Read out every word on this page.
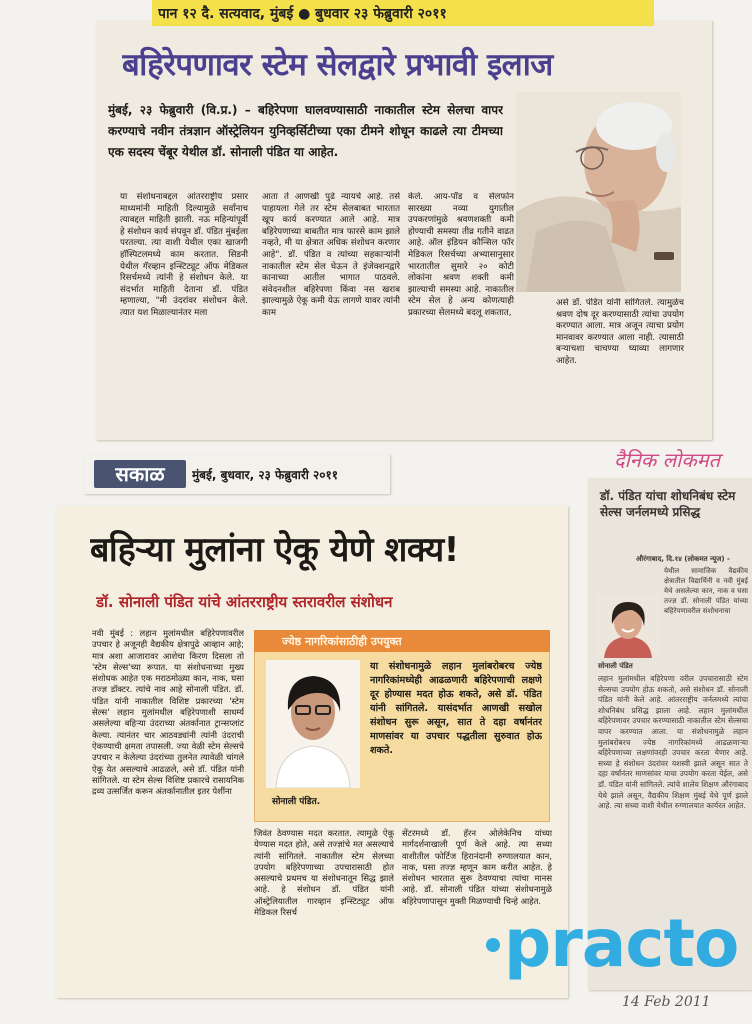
पान १२ दै. सत्यवाद, मुंबई ● बुधवार २३ फेब्रुवारी २०११
बहिरेपणावर स्टेम सेलद्वारे प्रभावी इलाज
मुंबई, २३ फेब्रुवारी (वि.प्र.) – बहिरेपणा घालवण्यासाठी नाकातील स्टेम सेलचा वापर करण्याचे नवीन तंत्रज्ञान ऑस्ट्रेलियन युनिव्हर्सिटीच्या एका टीमने शोधून काढले त्या टीमच्या एक सदस्य चेंबूर येथील डॉ. सोनाली पंडित या आहेत.
या संशोधनाबद्दल आंतरराष्ट्रीय प्रसार माध्यमांनी माहिती दिल्यामुळे सर्वांनाच त्याबद्दल माहिती झाली. नऊ महिन्यांपूर्वी हे संशोधन कार्य संपवून डॉ. पंडित मुंबईला परतल्या. त्या वाशी येथील एका खाजगी हॉस्पिटलमध्ये काम करतात. सिडनी येथील गॅरव्हान इन्स्टिट्यूट ऑफ मेडिकल रिसर्चमध्ये त्यांनी हे संशोधन केले. या संदर्भात माहिती देताना डॉ. पंडित म्हणाल्या, "मी उंदरांवर संशोधन केले. त्यात यश मिळाल्यानंतर मला
आता ते आणखी पुढे न्यायचे आहे. तसे पाहायला गेले तर स्टेम सेलबाबत भारतात खूप कार्य करण्यात आले आहे. मात्र बहिरेपणाच्या बाबतीत मात्र फारसे काम झाले नव्हते, मी या क्षेत्रात अधिक संशोधन करणार आहे". डॉ. पंडित व त्यांच्या सहकाऱ्यांनी नाकातील स्टेम सेल घेऊन ते इंजेक्शनद्वारे कानाच्या आतील भागात पाठवले. संवेदनशील बहिरेपणा किंवा नस खराब झाल्यामुळे ऐकू कमी येऊ लागणे यावर त्यांनी काम
केले. आय-पॉड व सेलफोन सारख्या नव्या युगातील उपकरणांमुळे श्रवणशक्ती कमी होण्याची समस्या तीव्र गतीने वाढत आहे. ऑल इंडियन कौन्सिल फॉर मेडिकल रिसर्चच्या अभ्यासानुसार भारतातील सुमारे २० कोटी लोकांना श्रवण शक्ती कमी झाल्याची समस्या आहे. नाकातील स्टेम सेल हे अन्य कोणत्याही प्रकारच्या सेलमध्ये बदलू शकतात,
असे डॉ. पंडित यांनी सांगितले. त्यामुळेच श्रवण दोष दूर करण्यासाठी त्यांचा उपयोग करण्यात आला. मात्र अजून त्याचा प्रयोग मानवावर करण्यात आला नाही. त्यासाठी बऱ्याचशा चाचण्या घ्याव्या लागणार आहेत.
सकाळ	मुंबई, बुधवार, २३ फेब्रुवारी २०११
बहिऱ्या मुलांना ऐकू येणे शक्य!
डॉ. सोनाली पंडित यांचे आंतरराष्ट्रीय स्तरावरील संशोधन
नवी मुंबई : लहान मुलांमधील बहिरेपणावरील उपचार हे अजूनही वैद्यकीय क्षेत्रापुढे आव्हान आहे; मात्र अशा आजारावर आशेचा किरण दिसला तो 'स्टेम सेल्स'च्या रूपात. या संशोधनाच्या मुख्य संशोधक आहेत एक मराठमोळ्या कान, नाक, घसा तज्ज्ञ डॉक्टर. त्यांचे नाव आहे सोनाली पंडित. डॉ. पंडित यांनी नाकातील विशिष्ट प्रकारच्या 'स्टेम सेल्स' लहान मुलांमधील बहिरेपणाशी साधर्म्य असलेल्या बहिऱ्या उंदराच्या अंतर्कानात ट्रान्सप्लांट केल्या. त्यानंतर चार आठवड्यांनी त्यांनी उंदराची ऐकण्याची क्षमता तपासली. ज्या वेळी स्टेम सेल्सचे उपचार न केलेल्या उंदरांच्या तुलनेत त्यावेळी चांगले ऐकू येत असल्याचे आढळले, असे डॉ. पंडित यांनी सांगितले. या स्टेम सेल्स विशिष्ट प्रकारचे रासायनिक द्रव्य उत्सर्जित करून अंतर्कानातील इतर पेशींना
ज्येष्ठ नागरिकांसाठीही उपयुक्त
सोनाली पंडित.
या संशोधनामुळे लहान मुलांबरोबरच ज्येष्ठ नागरिकांमध्येही आढळणारी बहिरेपणाची लक्षणे दूर होण्यास मदत होऊ शकते, असे डॉ. पंडित यांनी सांगितले. यासंदर्भात आणखी सखोल संशोधन सुरू असून, सात ते दहा वर्षानंतर माणसांवर या उपचार पद्धतीला सुरुवात होऊ शकते.
जिवंत ठेवण्यास मदत करतात. त्यामुळे ऐकू येण्यास मदत होते, असे तज्ज्ञांचे मत असल्याचे त्यांनी सांगितले. नाकातील स्टेम सेलच्या उपयोग बहिरेपणाच्या उपचारासाठी होत असल्याचे प्रथमच या संशोधनातून सिद्ध झाले आहे. हे संशोधन डॉ. पंडित यांनी ऑस्ट्रेलियातील गारव्हान इन्स्टिट्यूट ऑफ मेडिकल रिसर्च
सेंटरमध्ये डॉ. हॅरन ओलेकेनिच यांच्या मार्गदर्शनाखाली पूर्ण केले आहे. त्या सध्या वाशीतील फोर्टिज हिरानंदानी रुग्णालयात कान, नाक, घसा तज्ज्ञ म्हणून काम करीत आहेत. हे संशोधन भारतात सुरू ठेवण्याचा त्यांचा मानस आहे. डॉ. सोनाली पंडित यांच्या संशोधनामुळे बहिरेपणापासून मुक्ती मिळण्याची चिन्हे आहेत.
दैनिक लोकमत
डॉ. पंडित यांचा शोधनिबंध स्टेम सेल्स जर्नलमध्ये प्रसिद्ध
औरंगाबाद, दि.१४ (लोकमत न्यूज) -
येथील सामाजिक वैद्यकीय क्षेत्रातील विद्यार्थिनी व नवी मुंबई येथे असलेल्या कान, नाक व घसा तज्ज्ञ डॉ. सोनाली पंडित यांच्या बहिरेपणावरील संशोधनाचा
सोनाली पंडित
लहान मुलांमधील बहिरेपणा वरील उपचारासाठी स्टेम सेल्सचा उपयोग होऊ शकतो, असे संशोधन डॉ. सोनाली पंडित यांनी केले आहे. आंतरराष्ट्रीय जर्नलमध्ये त्यांचा शोधनिबंध प्रसिद्ध झाला आहे. लहान मुलांमधील बहिरेपणावर उपचार करण्यासाठी नाकातील स्टेम सेल्सचा वापर करण्यात आला. या संशोधनामुळे लहान मुलांबरोबरच ज्येष्ठ नागरिकांमध्ये आढळणाऱ्या बहिरेपणाच्या लक्षणांवरही उपचार करता येणार आहे. सध्या हे संशोधन उंदरांवर यशस्वी झाले असून सात ते दहा वर्षांनंतर माणसांवर याचा उपयोग करता येईल, असे डॉ. पंडित यांनी सांगितले. त्यांचे शालेय शिक्षण औरंगाबाद येथे झाले असून, वैद्यकीय शिक्षण मुंबई येथे पूर्ण झाले आहे. त्या सध्या वाशी येथील रुग्णालयात कार्यरत आहेत.
14 Feb 2011
practo
